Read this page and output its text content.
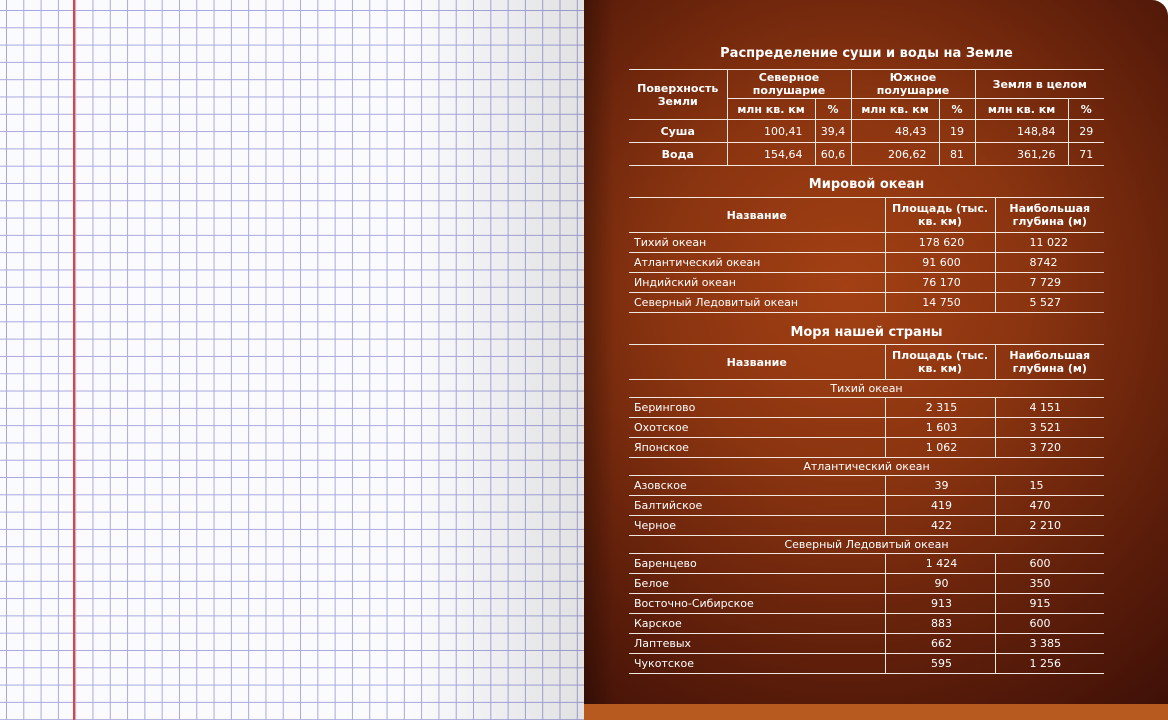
Распределение суши и воды на Земле
Поверхность Земли	Северное полушарие		Южное полушарие		Земля в целом	
	млн кв. км	%	млн кв. км	%	млн кв. км	%
Суша	100,41	39,4	48,43	19	148,84	29
Вода	154,64	60,6	206,62	81	361,26	71
Мировой океан
Название	Площадь (тыс. кв. км)	Наибольшая глубина (м)
Тихий океан	178 620	11 022
Атлантический океан	91 600	8742
Индийский океан	76 170	7 729
Северный Ледовитый океан	14 750	5 527
Моря нашей страны
Название	Площадь (тыс. кв. км)	Наибольшая глубина (м)
Тихий океан		
Берингово	2 315	4 151
Охотское	1 603	3 521
Японское	1 062	3 720
Атлантический океан		
Азовское	39	15
Балтийское	419	470
Черное	422	2 210
Северный Ледовитый океан		
Баренцево	1 424	600
Белое	90	350
Восточно-Сибирское	913	915
Карское	883	600
Лаптевых	662	3 385
Чукотское	595	1 256
